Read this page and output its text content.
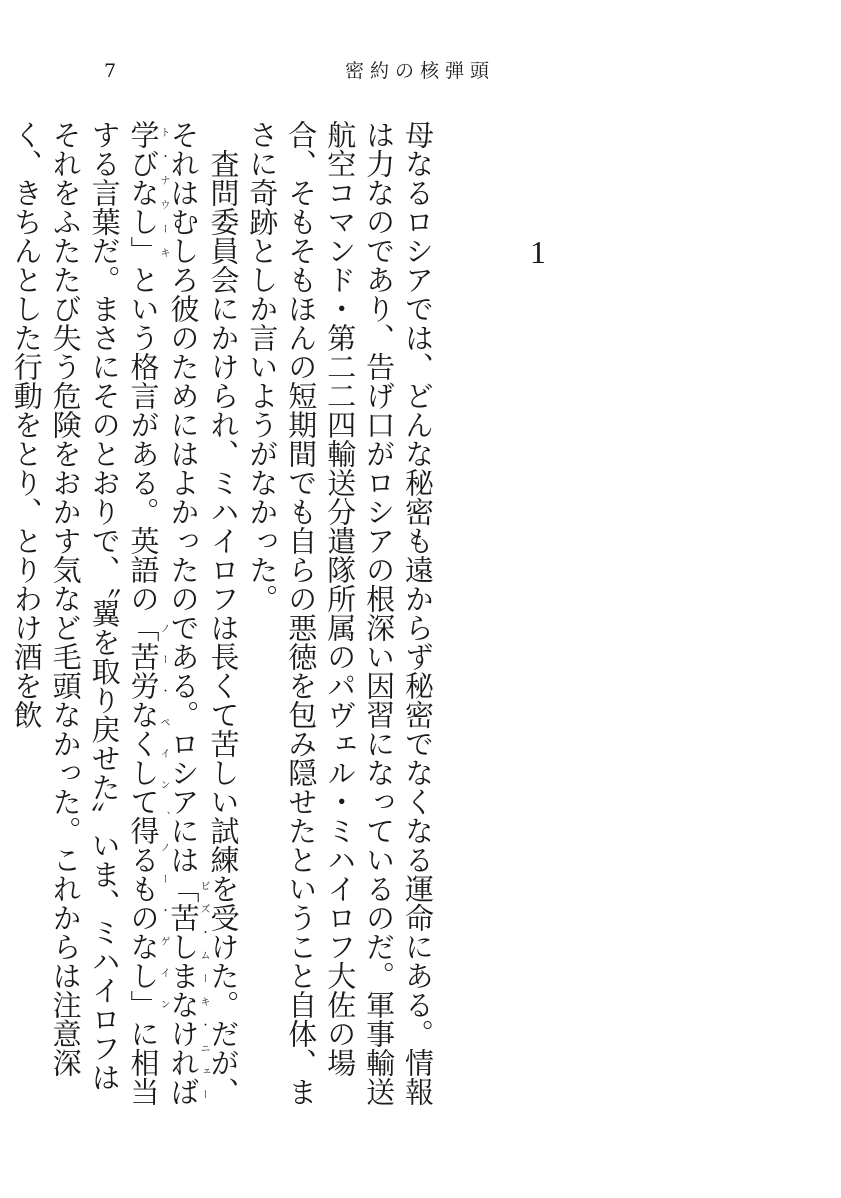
7	密約の核弾頭
1

母なるロシアでは、どんな秘密も遠からず秘密でなくなる運命にある。情報は力なのであり、告げ口がロシアの根深い因習になっているのだ。軍事輸送航空コマンド・第二二四輸送分遣隊所属のパヴェル・ミハイロフ大佐の場合、そもそもほんの短期間でも自らの悪徳を包み隠せたということ自体、まさに奇跡としか言いようがなかった。

査問委員会にかけられ、ミハイロフは長くて苦しい試練を受けた。だが、それはむしろ彼のためにはよかったのである。ロシアには「苦しまなければ学びなし」ビズ・ムーキ・ニェート・ナウーキという格言がある。英語の「苦労なくして得るものなし」ノー・ペイン、ノー・ゲインに相当する言葉だ。まさにそのとおりで、〝翼を取り戻せた〟いま、ミハイロフはそれをふたたび失う危険をおかす気など毛頭なかった。これからは注意深く、きちんとした行動をとり、とりわけ酒を飲
